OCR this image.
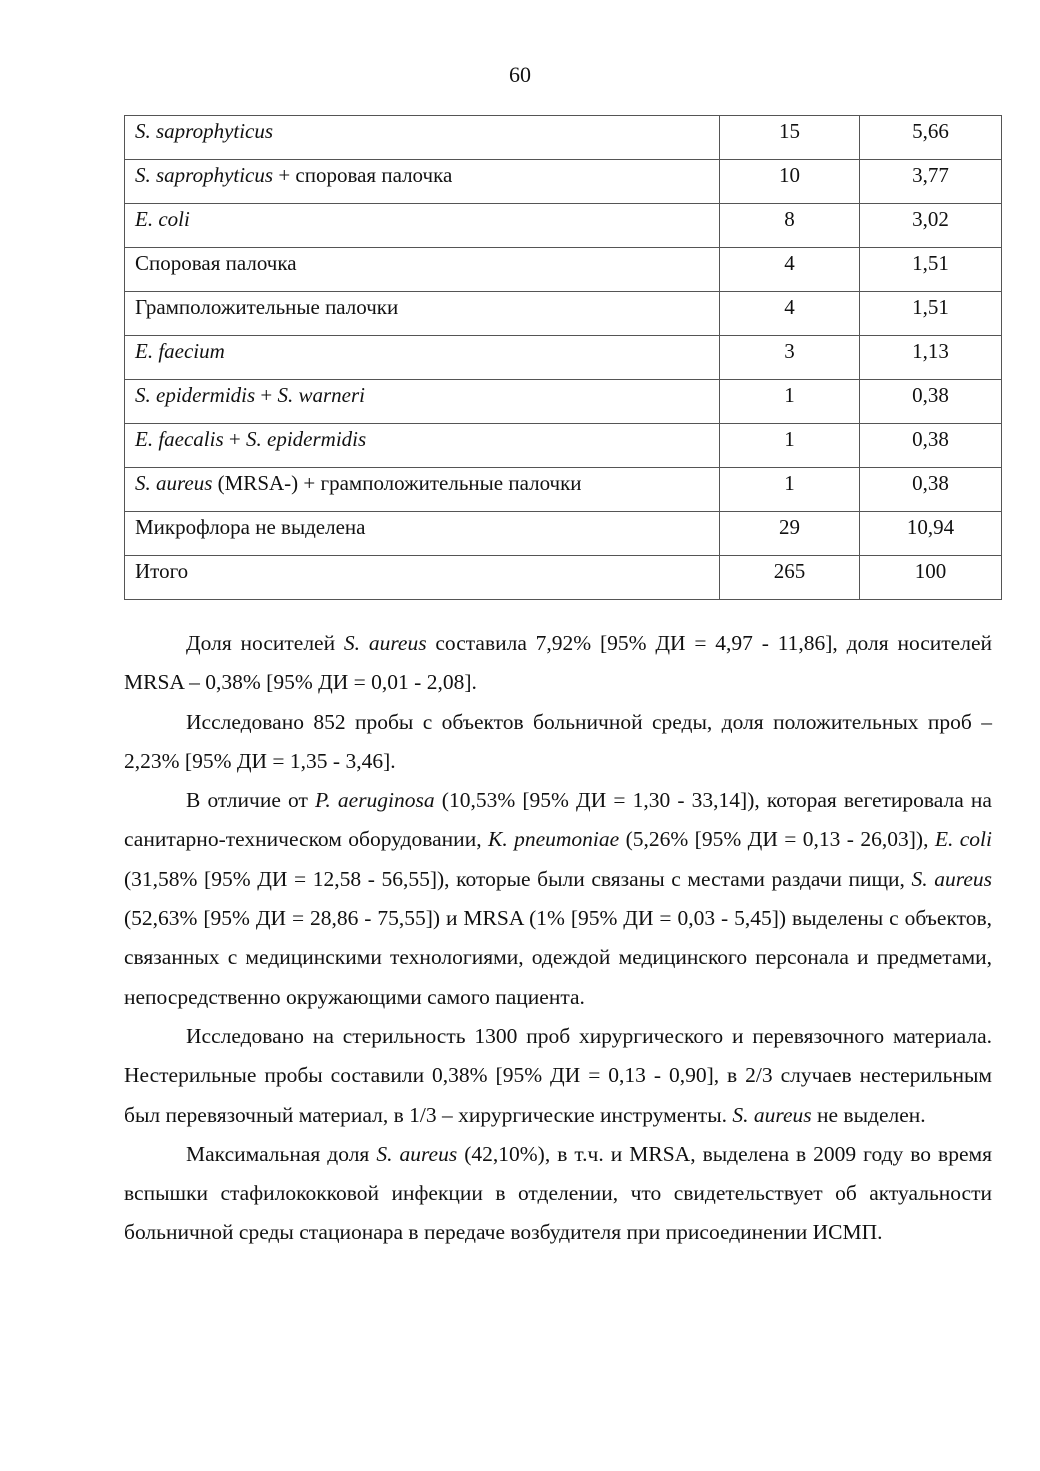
60
S. saprophyticus	15	5,66
S. saprophyticus + споровая палочка	10	3,77
E. coli	8	3,02
Споровая палочка	4	1,51
Грамположительные палочки	4	1,51
E. faecium	3	1,13
S. epidermidis + S. warneri	1	0,38
E. faecalis + S. epidermidis	1	0,38
S. aureus (MRSA-) + грамположительные палочки	1	0,38
Микрофлора не выделена	29	10,94
Итого	265	100

Доля носителей S. aureus составила 7,92% [95% ДИ = 4,97 - 11,86], доля носителей MRSA – 0,38% [95% ДИ = 0,01 - 2,08].

Исследовано 852 пробы с объектов больничной среды, доля положительных проб – 2,23% [95% ДИ = 1,35 - 3,46].

В отличие от P. aeruginosa (10,53% [95% ДИ = 1,30 - 33,14]), которая вегетировала на санитарно-техническом оборудовании, K. pneumoniae (5,26% [95% ДИ = 0,13 - 26,03]), E. coli (31,58% [95% ДИ = 12,58 - 56,55]), которые были связаны с местами раздачи пищи, S. aureus (52,63% [95% ДИ = 28,86 - 75,55]) и MRSA (1% [95% ДИ = 0,03 - 5,45]) выделены с объектов, связанных с медицинскими технологиями, одеждой медицинского персонала и предметами, непосредственно окружающими самого пациента.

Исследовано на стерильность 1300 проб хирургического и перевязочного материала. Нестерильные пробы составили 0,38% [95% ДИ = 0,13 - 0,90], в 2/3 случаев нестерильным был перевязочный материал, в 1/3 – хирургические инструменты. S. aureus не выделен.

Максимальная доля S. aureus (42,10%), в т.ч. и MRSA, выделена в 2009 году во время вспышки стафилококковой инфекции в отделении, что свидетельствует об актуальности больничной среды стационара в передаче возбудителя при присоединении ИСМП.
